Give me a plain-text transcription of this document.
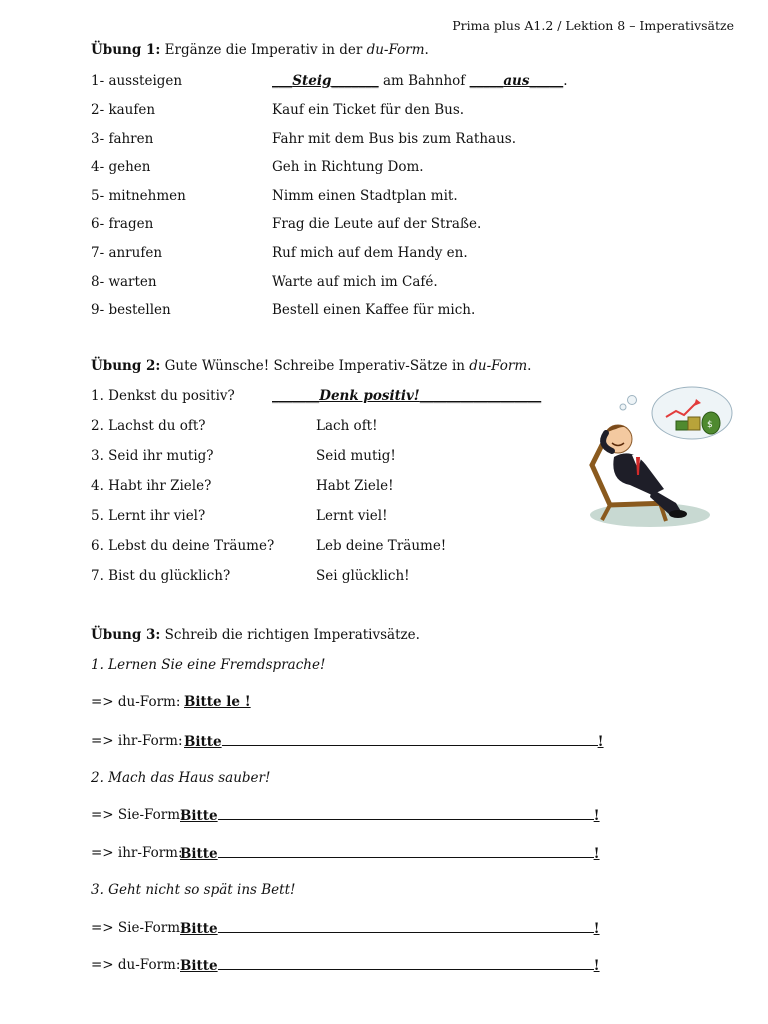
Prima plus A1.2 / Lektion 8 – Imperativsätze
Übung 1: Ergänze die Imperativ in der du-Form.
1- aussteigen	___Steig_______ am Bahnhof _____aus_____.
2- kaufen	Kauf ein Ticket für den Bus.
3- fahren	Fahr mit dem Bus bis zum Rathaus.
4- gehen	Geh in Richtung Dom.
5- mitnehmen	Nimm einen Stadtplan mit.
6- fragen	Frag die Leute auf der Straße.
7- anrufen	Ruf mich auf dem Handy en.
8- warten	Warte auf mich im Café.
9- bestellen	Bestell einen Kaffee für mich.
Übung 2: Gute Wünsche! Schreibe Imperativ-Sätze in du-Form.
1. Denkst du positiv?	_______Denk positiv!__________________
2. Lachst du oft?	Lach oft!
3. Seid ihr mutig?	Seid mutig!
4. Habt ihr Ziele?	Habt Ziele!
5. Lernt ihr viel?	Lernt viel!
6. Lebst du deine Träume?	Leb deine Träume!
7. Bist du glücklich?	Sei glücklich!
$
Übung 3: Schreib die richtigen Imperativsätze.
1. Lernen Sie eine Fremdsprache!
=> du-Form: Bitte le !
=> ihr-Form: Bitte	!
2. Mach das Haus sauber!
=> Sie-Form:
Bitte	!
=> ihr-Form:
Bitte	!
3. Geht nicht so spät ins Bett!
=> Sie-Form:
Bitte	!
=> du-Form: Bitte	!
